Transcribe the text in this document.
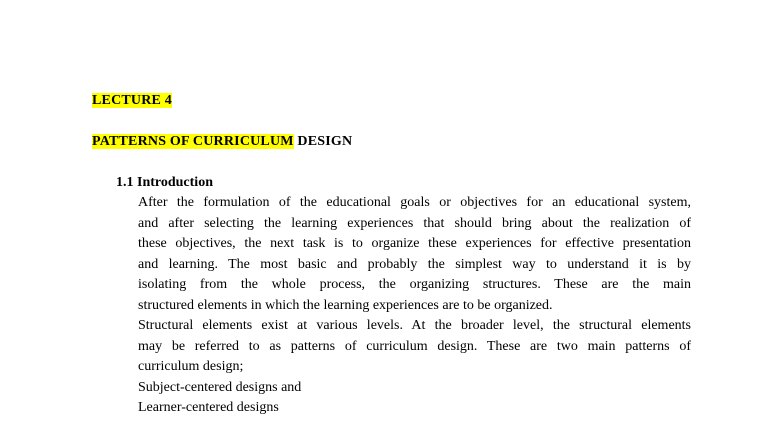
LECTURE 4
PATTERNS OF CURRICULUM DESIGN
1.1 Introduction
After the formulation of the educational goals or objectives for an educational system,
and after selecting the learning experiences that should bring about the realization of
these objectives, the next task is to organize these experiences for effective presentation
and learning. The most basic and probably the simplest way to understand it is by
isolating from the whole process, the organizing structures. These are the main
structured elements in which the learning experiences are to be organized.
Structural elements exist at various levels. At the broader level, the structural elements
may be referred to as patterns of curriculum design. These are two main patterns of
curriculum design;
Subject-centered designs and
Learner-centered designs
